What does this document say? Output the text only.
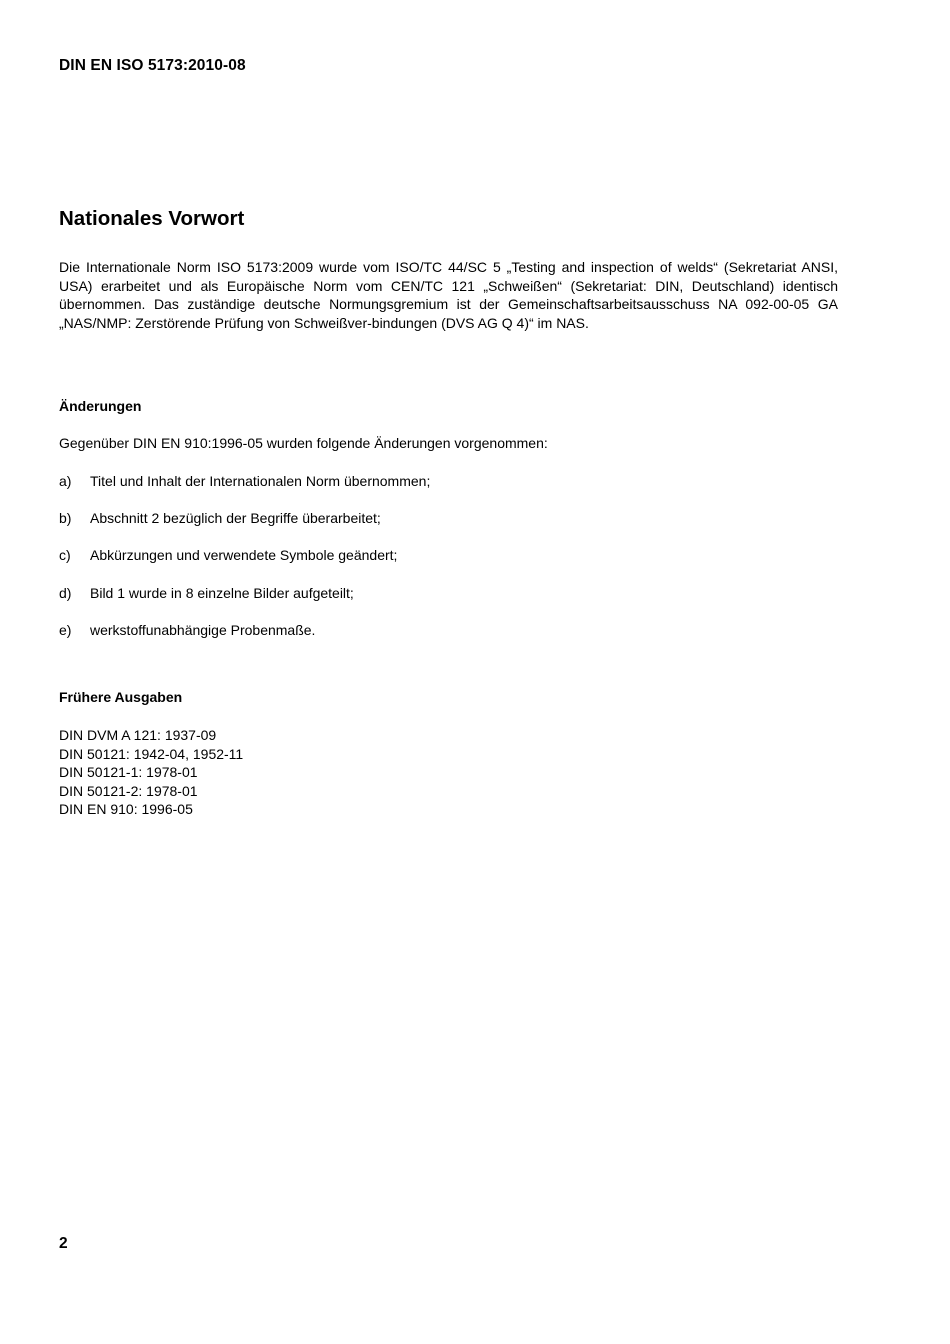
DIN EN ISO 5173:2010-08
Nationales Vorwort
Die Internationale Norm ISO 5173:2009 wurde vom ISO/TC 44/SC 5 „Testing and inspection of welds“ (Sekretariat ANSI, USA) erarbeitet und als Europäische Norm vom CEN/TC 121 „Schweißen“ (Sekretariat: DIN, Deutschland) identisch übernommen. Das zuständige deutsche Normungsgremium ist der Gemeinschaftsarbeitsausschuss NA 092-00-05 GA „NAS/NMP: Zerstörende Prüfung von Schweißver-bindungen (DVS AG Q 4)“ im NAS.
Änderungen
Gegenüber DIN EN 910:1996-05 wurden folgende Änderungen vorgenommen:
a)	Titel und Inhalt der Internationalen Norm übernommen;
b)	Abschnitt 2 bezüglich der Begriffe überarbeitet;
c)	Abkürzungen und verwendete Symbole geändert;
d)	Bild 1 wurde in 8 einzelne Bilder aufgeteilt;
e)	werkstoffunabhängige Probenmaße.
Frühere Ausgaben
DIN DVM A 121: 1937-09
DIN 50121: 1942-04, 1952-11
DIN 50121-1: 1978-01
DIN 50121-2: 1978-01
DIN EN 910: 1996-05
2
